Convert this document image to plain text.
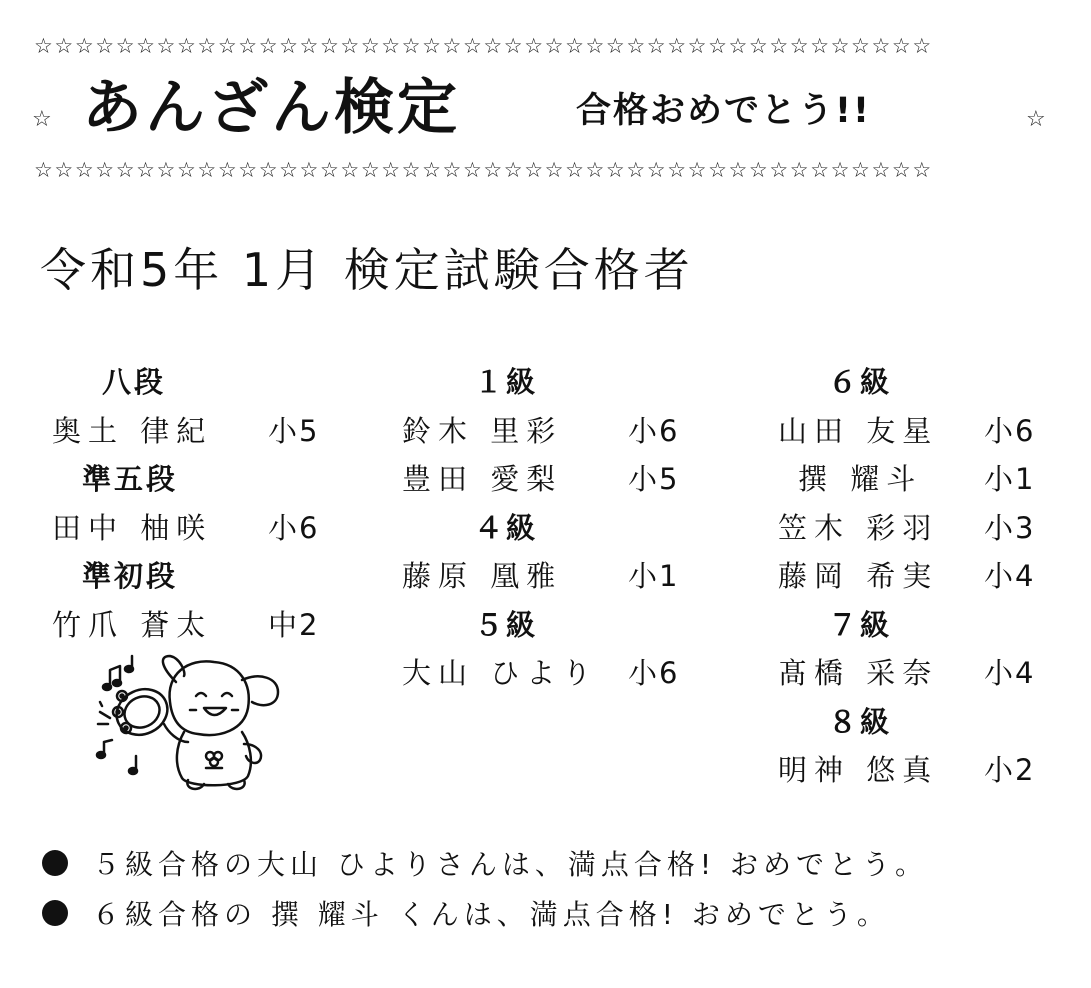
☆☆☆☆☆☆☆☆☆☆☆☆☆☆☆☆☆☆☆☆☆☆☆☆☆☆☆☆☆☆☆☆☆☆☆☆☆☆☆☆☆☆☆☆
☆ あんざん検定	合格おめでとう!!	☆
☆☆☆☆☆☆☆☆☆☆☆☆☆☆☆☆☆☆☆☆☆☆☆☆☆☆☆☆☆☆☆☆☆☆☆☆☆☆☆☆☆☆☆☆
令和5年 1月 検定試験合格者
八段
奥土 律紀 小5
準五段
田中 柚咲 小6
準初段
竹爪 蒼太 中2
１級
鈴木 里彩 小6
豊田 愛梨 小5
４級
藤原 凰雅 小1
５級
大山 ひより 小6
６級
山田 友星 小6
撰 耀斗 小1
笠木 彩羽 小3
藤岡 希実 小4
７級
髙橋 采奈 小4
８級
明神 悠真 小2
５級合格の大山 ひよりさんは、満点合格! おめでとう。
６級合格の 撰 耀斗 くんは、満点合格! おめでとう。
